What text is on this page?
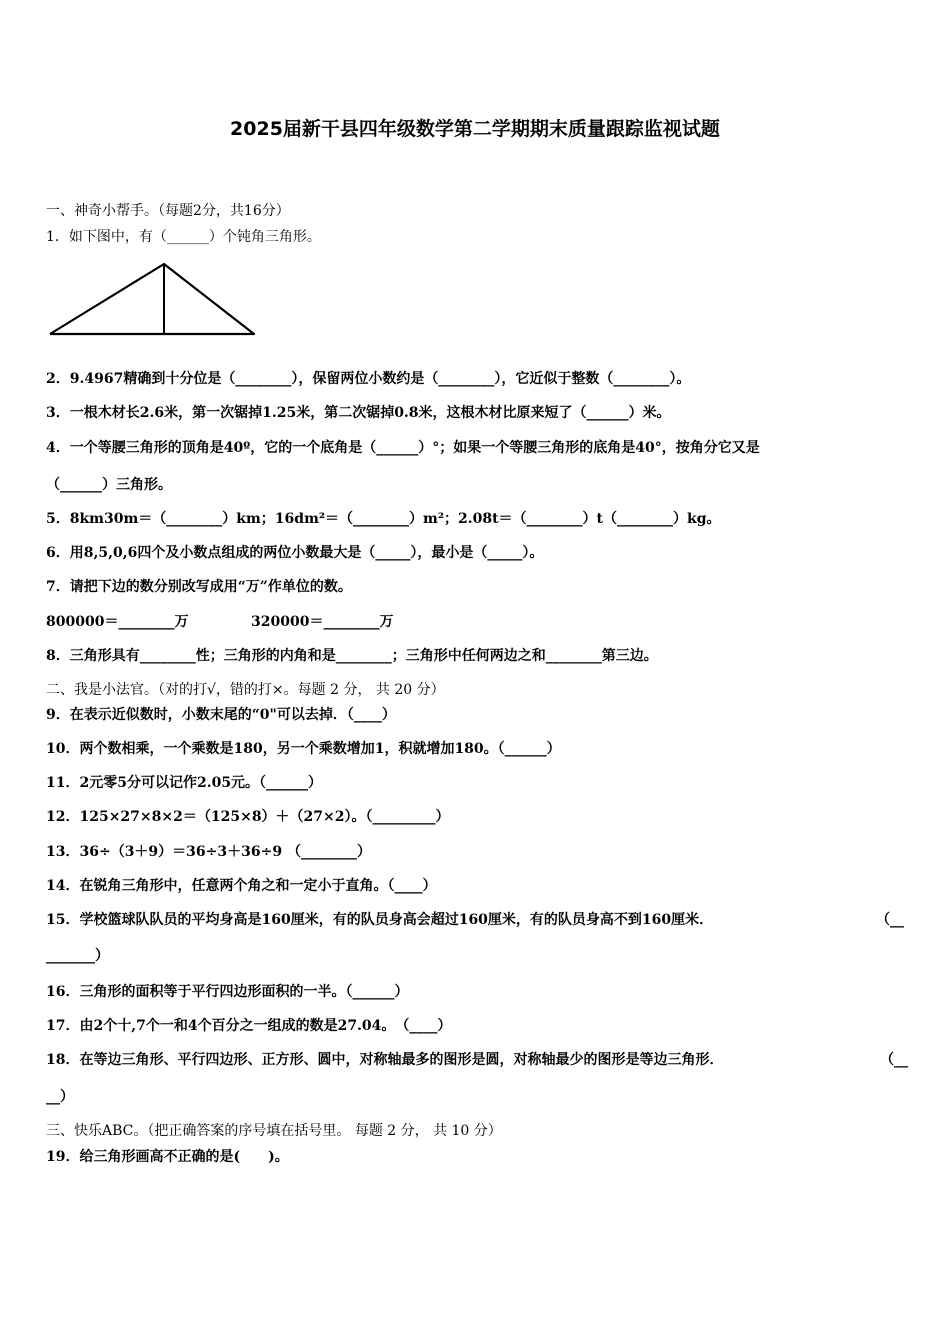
2025届新干县四年级数学第二学期期末质量跟踪监视试题
一、神奇小帮手。（每题2分，共16分）
1．如下图中，有（______）个钝角三角形。
2．9.4967精确到十分位是（________），保留两位小数约是（________），它近似于整数（________）。
3．一根木材长2.6米，第一次锯掉1.25米，第二次锯掉0.8米，这根木材比原来短了（______）米。
4．一个等腰三角形的顶角是40º，它的一个底角是（______）°；如果一个等腰三角形的底角是40°，按角分它又是
（______）三角形。
5．8km30m＝（________）km；16dm²＝（________）m²；2.08t＝（________）t（________）kg。
6．用8,5,0,6四个及小数点组成的两位小数最大是（_____），最小是（_____）。
7．请把下边的数分别改写成用“万”作单位的数。
800000＝________万	320000＝________万
8．三角形具有________性；三角形的内角和是________；三角形中任何两边之和________第三边。
二、我是小法官。（对的打√，错的打×。每题 2 分， 共 20 分）
9．在表示近似数时，小数末尾的“0"可以去掉．（____）
10．两个数相乘，一个乘数是180，另一个乘数增加1，积就增加180。（______）
11．2元零5分可以记作2.05元。（______）
12．125×27×8×2＝（125×8）＋（27×2）。（_________）
13．36÷（3＋9）＝36÷3＋36÷9 （________）
14．在锐角三角形中，任意两个角之和一定小于直角。（____）
15．学校篮球队队员的平均身高是160厘米，有的队员身高会超过160厘米，有的队员身高不到160厘米．	（__
_______）
16．三角形的面积等于平行四边形面积的一半。（______）
17．由2个十,7个一和4个百分之一组成的数是27.04。　（____）
18．在等边三角形、平行四边形、正方形、圆中，对称轴最多的图形是圆，对称轴最少的图形是等边三角形．	（__
__）
三、快乐ABC。（把正确答案的序号填在括号里。 每题 2 分， 共 10 分）
19．给三角形画高不正确的是(　　)。
